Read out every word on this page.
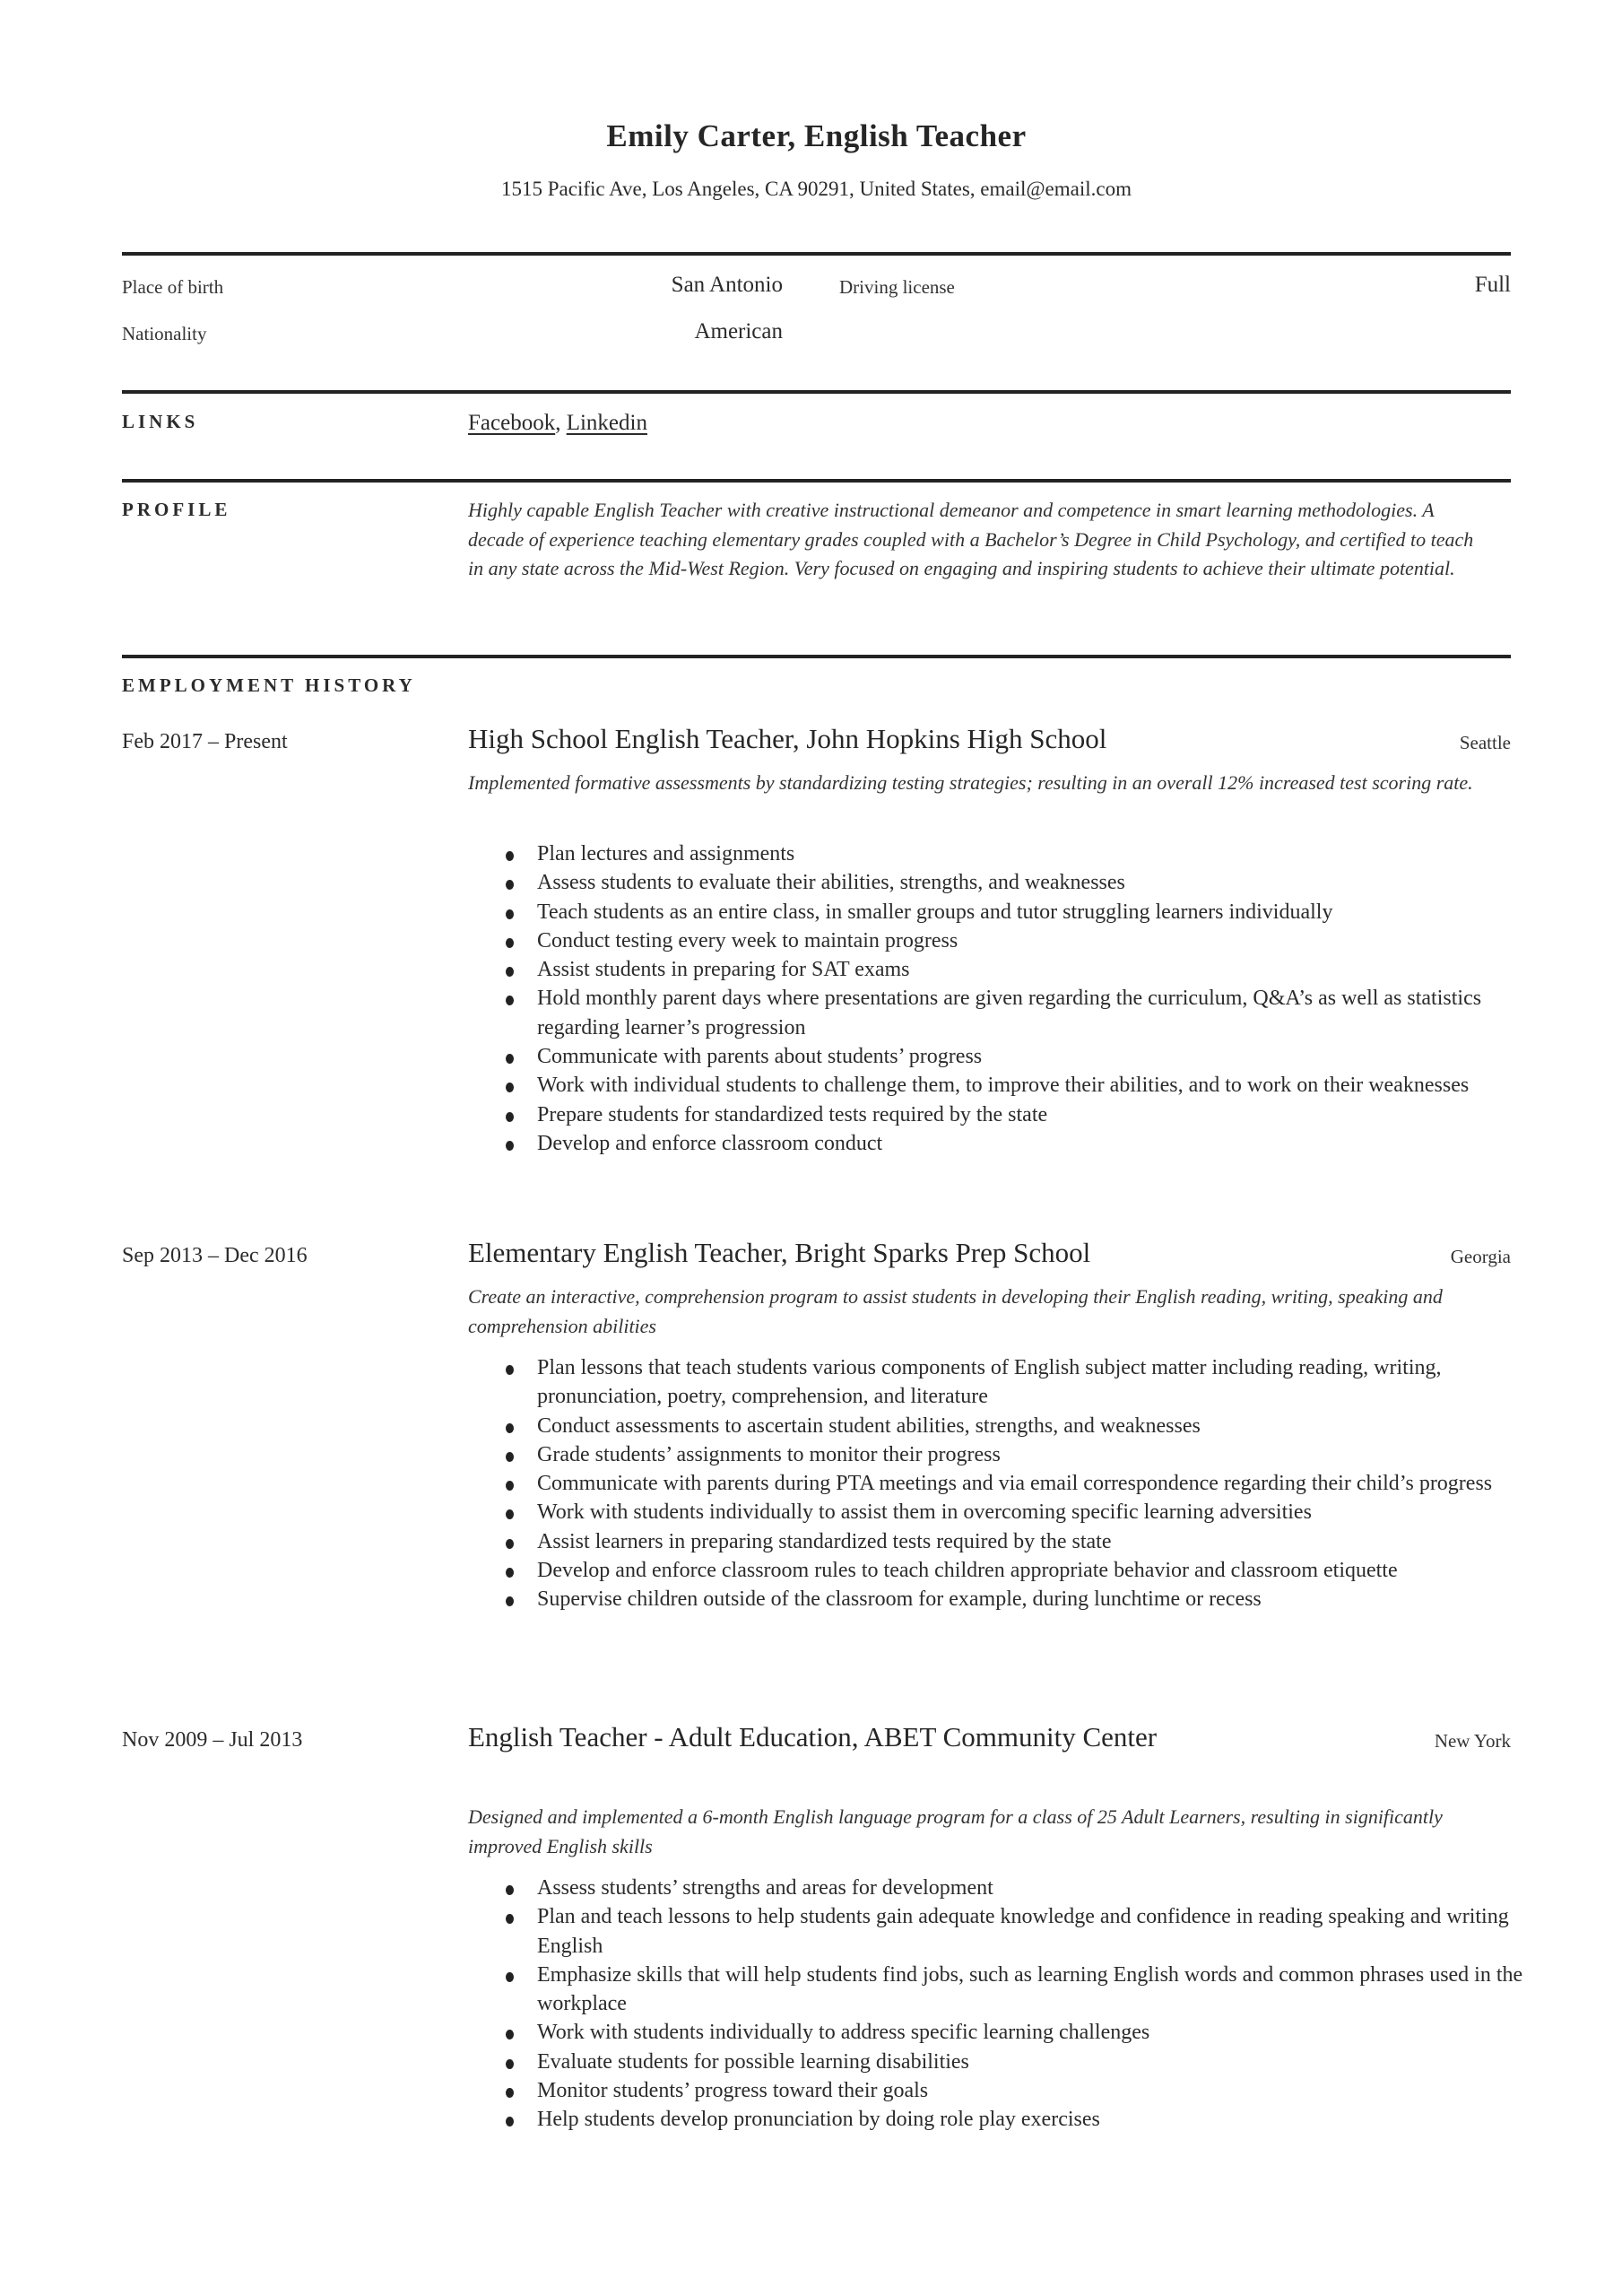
Emily Carter, English Teacher
1515 Pacific Ave, Los Angeles, CA 90291, United States, email@email.com
Place of birth	San Antonio
Nationality	American
Driving license	Full
LINKS	Facebook, Linkedin
PROFILE	Highly capable English Teacher with creative instructional demeanor and competence in smart learning methodologies. A decade of experience teaching elementary grades coupled with a Bachelor’s Degree in Child Psychology, and certified to teach in any state across the Mid-West Region. Very focused on engaging and inspiring students to achieve their ultimate potential.
EMPLOYMENT HISTORY
Feb 2017 – Present	High School English Teacher, John Hopkins High School	Seattle
Implemented formative assessments by standardizing testing strategies; resulting in an overall 12% increased test scoring rate.
Plan lectures and assignments
Assess students to evaluate their abilities, strengths, and weaknesses
Teach students as an entire class, in smaller groups and tutor struggling learners individually
Conduct testing every week to maintain progress
Assist students in preparing for SAT exams
Hold monthly parent days where presentations are given regarding the curriculum, Q&A’s as well as statistics regarding learner’s progression
Communicate with parents about students’ progress
Work with individual students to challenge them, to improve their abilities, and to work on their weaknesses
Prepare students for standardized tests required by the state
Develop and enforce classroom conduct
Sep 2013 – Dec 2016	Elementary English Teacher, Bright Sparks Prep School	Georgia
Create an interactive, comprehension program to assist students in developing their English reading, writing, speaking and comprehension abilities
Plan lessons that teach students various components of English subject matter including reading, writing, pronunciation, poetry, comprehension, and literature
Conduct assessments to ascertain student abilities, strengths, and weaknesses
Grade students’ assignments to monitor their progress
Communicate with parents during PTA meetings and via email correspondence regarding their child’s progress
Work with students individually to assist them in overcoming specific learning adversities
Assist learners in preparing standardized tests required by the state
Develop and enforce classroom rules to teach children appropriate behavior and classroom etiquette
Supervise children outside of the classroom for example, during lunchtime or recess
Nov 2009 – Jul 2013	English Teacher - Adult Education, ABET Community Center	New York
Designed and implemented a 6-month English language program for a class of 25 Adult Learners, resulting in significantly improved English skills
Assess students’ strengths and areas for development
Plan and teach lessons to help students gain adequate knowledge and confidence in reading speaking and writing English
Emphasize skills that will help students find jobs, such as learning English words and common phrases used in the workplace
Work with students individually to address specific learning challenges
Evaluate students for possible learning disabilities
Monitor students’ progress toward their goals
Help students develop pronunciation by doing role play exercises
